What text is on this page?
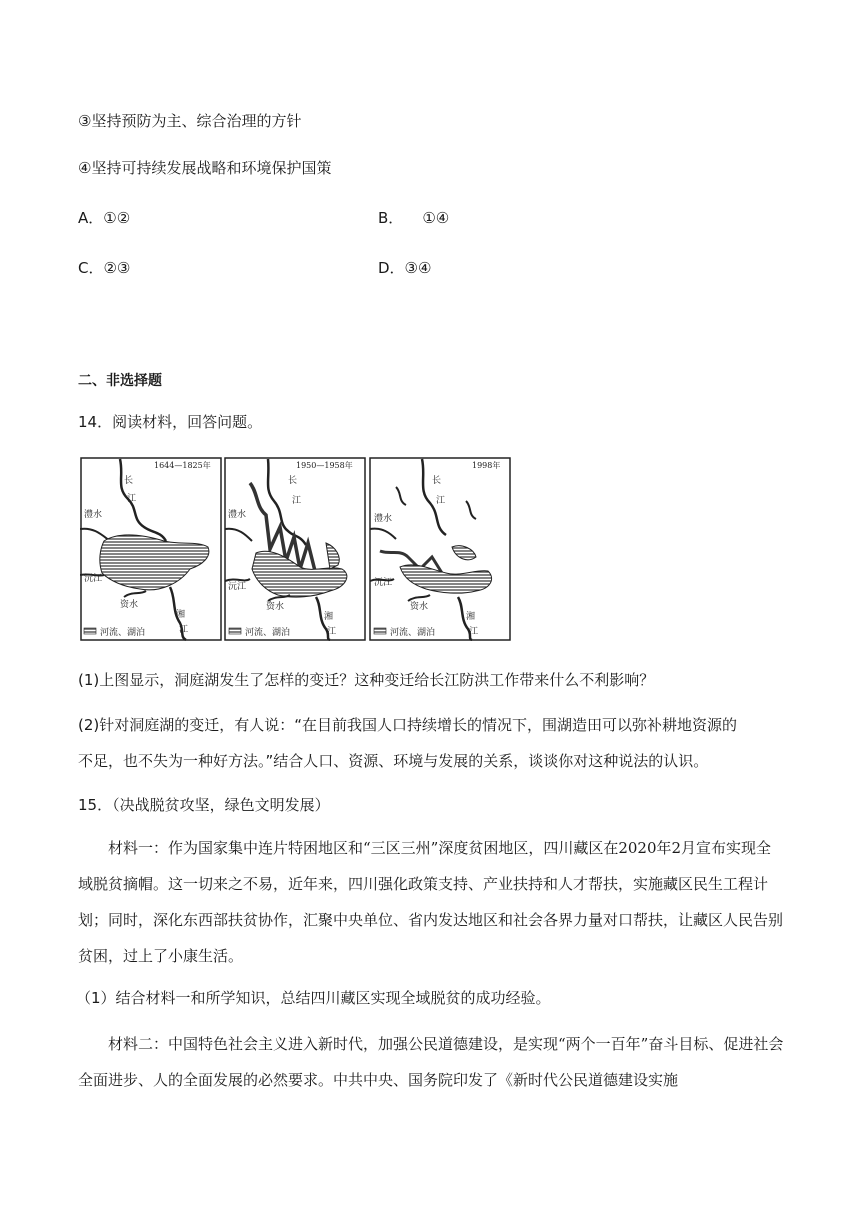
③坚持预防为主、综合治理的方针
④坚持可持续发展战略和环境保护国策
A．①②	B．    ①④
C．②③	D．③④
二、非选择题
14．阅读材料，回答问题。
1644—1825年
长
江
澧水
沅江
资水
湘
江
河流、湖泊
1950—1958年
长
江
澧水
沅江
资水
湘
江
河流、湖泊
1998年
长
江
澧水
沅江
资水
湘
江
河流、湖泊
(1)上图显示，洞庭湖发生了怎样的变迁？这种变迁给长江防洪工作带来什么不利影响？
(2)针对洞庭湖的变迁，有人说：“在目前我国人口持续增长的情况下，围湖造田可以弥补耕地资源的
不足，也不失为一种好方法。”结合人口、资源、环境与发展的关系，谈谈你对这种说法的认识。
15．（决战脱贫攻坚，绿色文明发展）
材料一：作为国家集中连片特困地区和“三区三州”深度贫困地区，四川藏区在2020年2月宣布实现全域脱贫摘帽。这一切来之不易，近年来，四川强化政策支持、产业扶持和人才帮扶，实施藏区民生工程计划；同时，深化东西部扶贫协作，汇聚中央单位、省内发达地区和社会各界力量对口帮扶，让藏区人民告别贫困，过上了小康生活。
（1）结合材料一和所学知识，总结四川藏区实现全域脱贫的成功经验。
材料二：中国特色社会主义进入新时代，加强公民道德建设，是实现“两个一百年”奋斗目标、促进社会全面进步、人的全面发展的必然要求。中共中央、国务院印发了《新时代公民道德建设实施
